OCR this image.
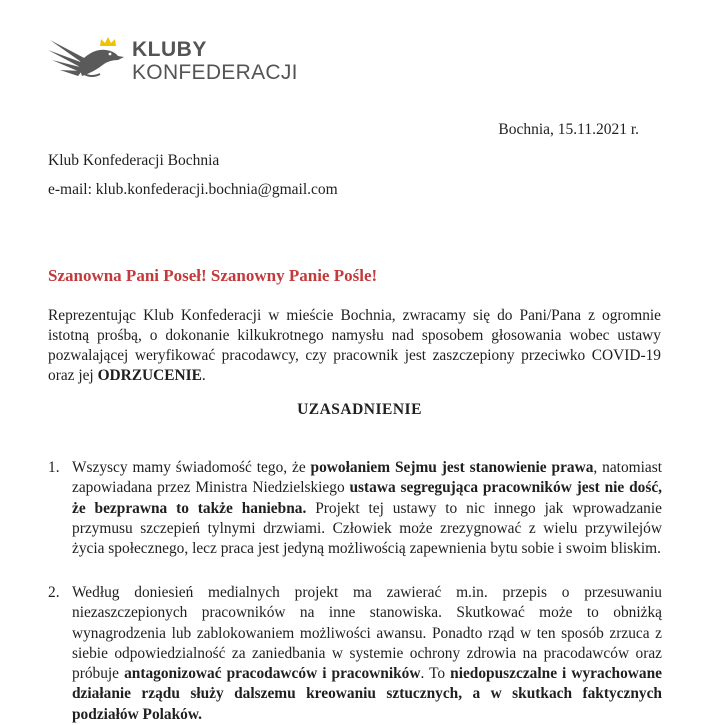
KLUBY
KONFEDERACJI
Bochnia, 15.11.2021 r.
Klub Konfederacji Bochnia
e-mail: klub.konfederacji.bochnia@gmail.com
Szanowna Pani Poseł! Szanowny Panie Pośle!

Reprezentując Klub Konfederacji w mieście Bochnia, zwracamy się do Pani/Pana z ogromnie istotną prośbą, o dokonanie kilkukrotnego namysłu nad sposobem głosowania wobec ustawy pozwalającej weryfikować pracodawcy, czy pracownik jest zaszczepiony przeciwko COVID-19 oraz jej ODRZUCENIE.

UZASADNIENIE
1. Wszyscy mamy świadomość tego, że powołaniem Sejmu jest stanowienie prawa, natomiast zapowiadana przez Ministra Niedzielskiego ustawa segregująca pracowników jest nie dość, że bezprawna to także haniebna. Projekt tej ustawy to nic innego jak wprowadzanie przymusu szczepień tylnymi drzwiami. Człowiek może zrezygnować z wielu przywilejów życia społecznego, lecz praca jest jedyną możliwością zapewnienia bytu sobie i swoim bliskim.

2. Według doniesień medialnych projekt ma zawierać m.in. przepis o przesuwaniu niezaszczepionych pracowników na inne stanowiska. Skutkować może to obniżką wynagrodzenia lub zablokowaniem możliwości awansu. Ponadto rząd w ten sposób zrzuca z siebie odpowiedzialność za zaniedbania w systemie ochrony zdrowia na pracodawców oraz próbuje antagonizować pracodawców i pracowników. To niedopuszczalne i wyrachowane działanie rządu służy dalszemu kreowaniu sztucznych, a w skutkach faktycznych podziałów Polaków.
